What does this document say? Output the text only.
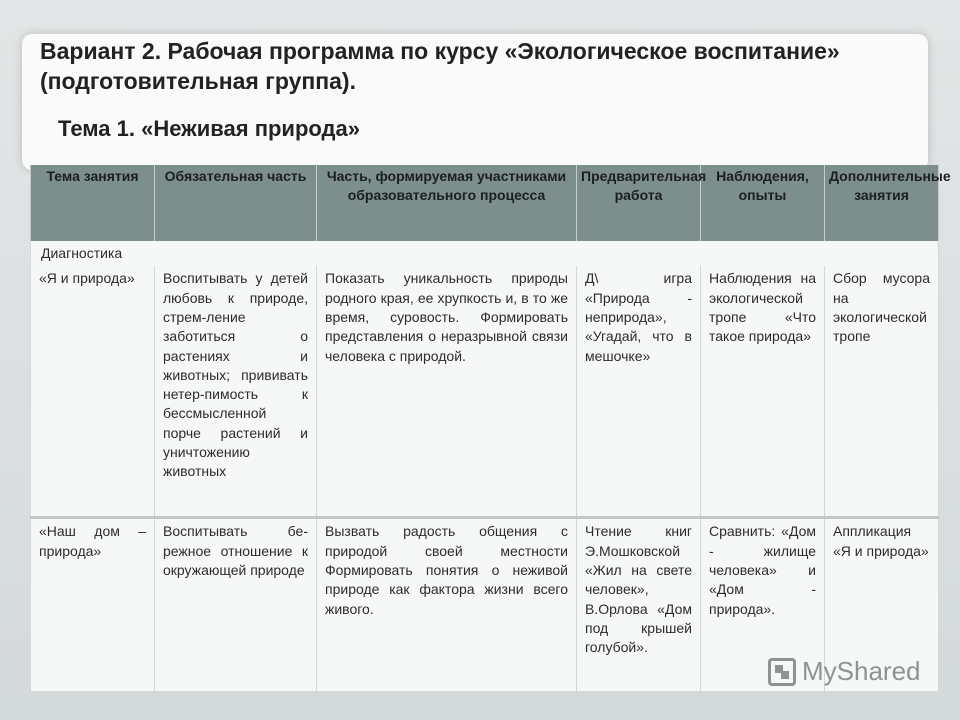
Вариант 2. Рабочая программа по курсу «Экологическое воспитание» (подготовительная группа).
Тема 1. «Неживая природа»
Тема занятия	Обязательная часть	Часть, формируемая участниками образовательного процесса	Предварительная работа	Наблюдения, опыты	Дополнительные занятия
Диагностика					
«Я и природа»	Воспитывать у детей любовь к природе, стрем-ление заботиться о растениях и животных; прививать нетер-пимость к бессмысленной порче растений и уничтожению животных	Показать уникальность природы родного края, ее хрупкость и, в то же время, суровость. Формировать представления о неразрывной связи человека с природой.	Д\ игра «Природа - неприрода», «Угадай, что в мешочке»	Наблюдения на экологической тропе «Что такое природа»	Сбор мусора на экологической тропе
«Наш дом – природа»	Воспитывать бе-режное отношение к окружающей природе	Вызвать радость общения с природой своей местности Формировать понятия о неживой природе как фактора жизни всего живого.	Чтение книг Э.Мошковской «Жил на свете человек», В.Орлова «Дом под крышей голубой».	Сравнить: «Дом - жилище человека» и «Дом - природа».	Аппликация «Я и природа»
MyShared
